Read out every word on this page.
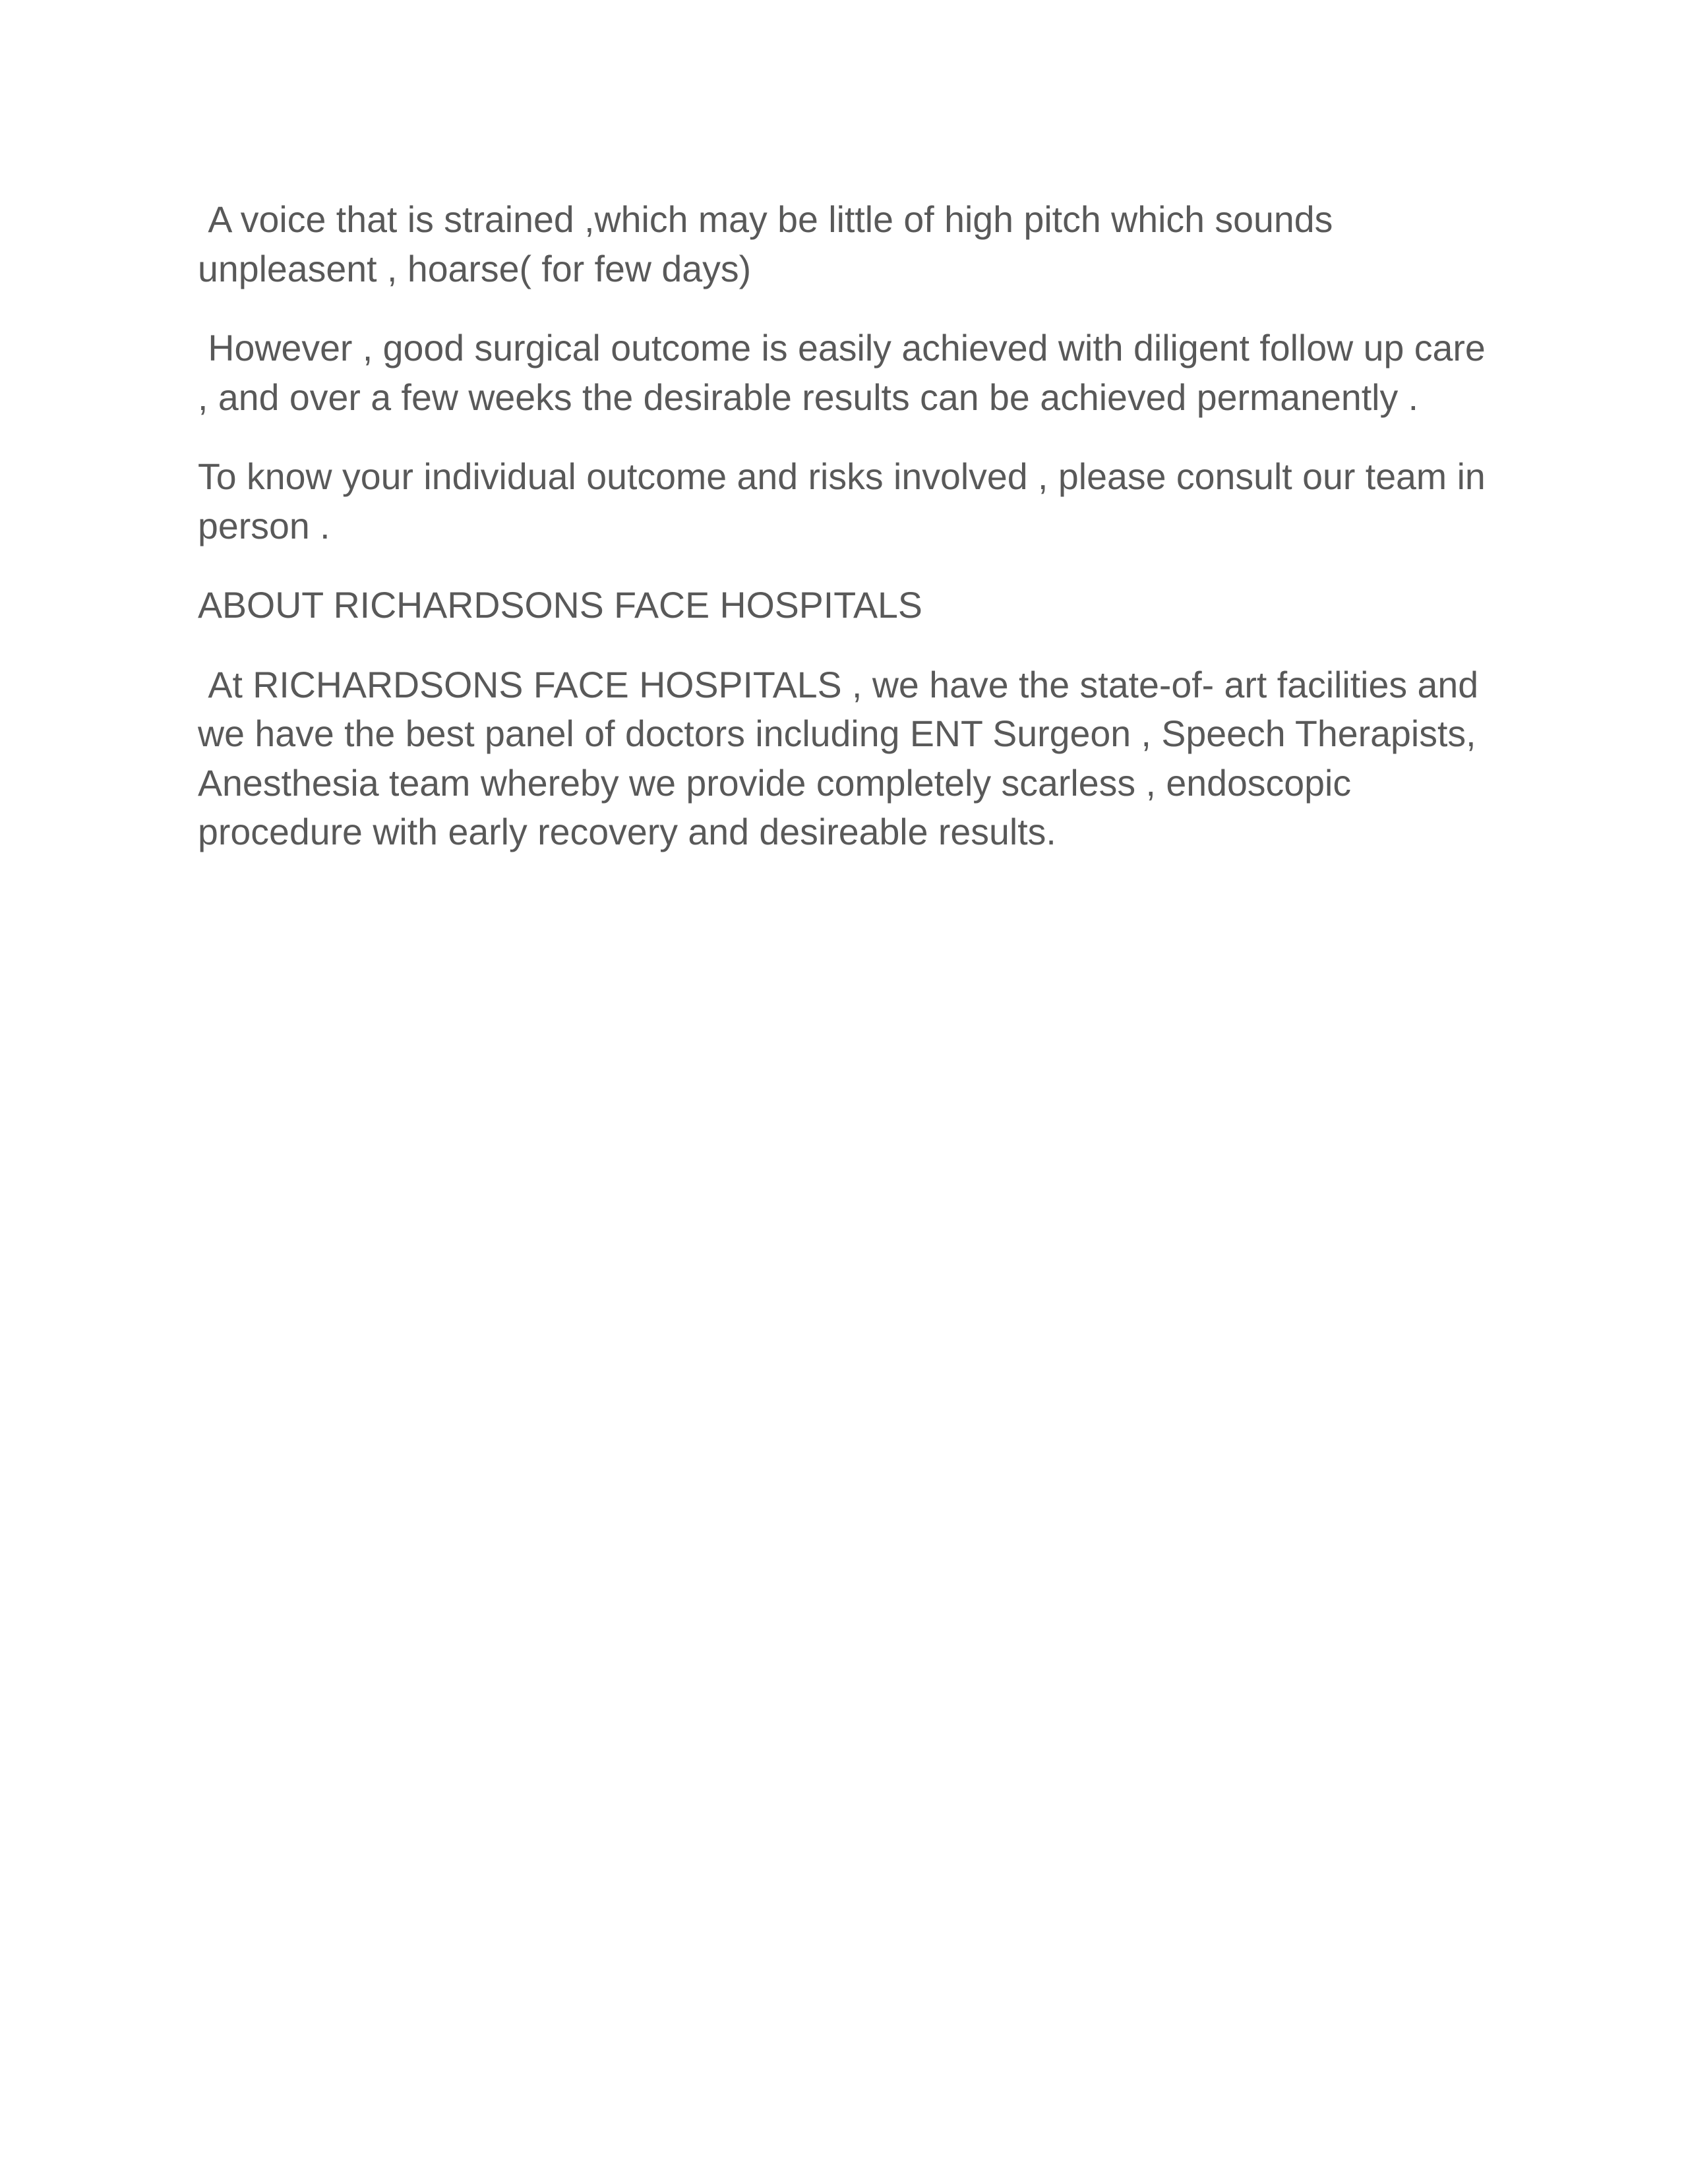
A voice that is strained ,which may be little of high pitch which sounds unpleasent , hoarse( for few days)

However , good surgical outcome is easily achieved with diligent follow up care , and over a few weeks the desirable results can be achieved permanently .

To know your individual outcome and risks involved , please consult our team in person .

ABOUT RICHARDSONS FACE HOSPITALS

At RICHARDSONS FACE HOSPITALS , we have the state-of- art facilities and  we have the best panel of doctors including ENT Surgeon , Speech Therapists, Anesthesia team whereby we provide completely scarless , endoscopic procedure with early recovery and desireable results.
